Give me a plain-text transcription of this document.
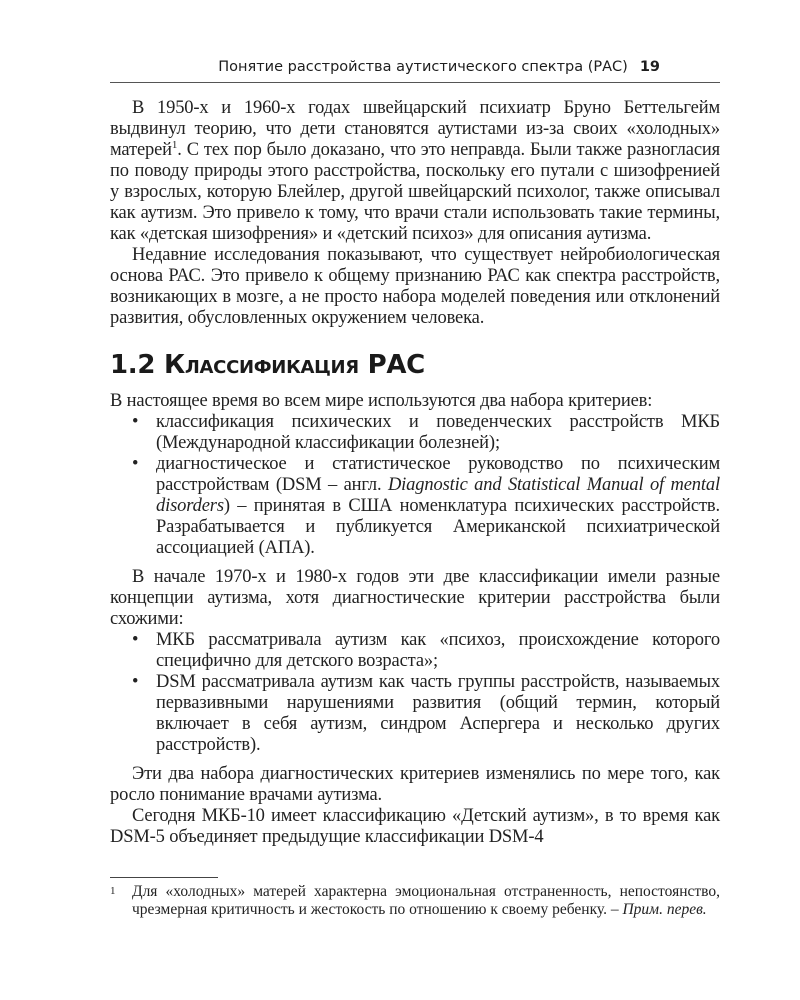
Понятие расстройства аутистического спектра (РАС) 19

В 1950-х и 1960-х годах швейцарский психиатр Бруно Беттельгейм выдвинул теорию, что дети становятся аутистами из-за своих «холодных» матерей$^1$. С тех пор было доказано, что это неправда. Были также разногласия по поводу природы этого расстройства, поскольку его путали с шизофренией у взрослых, которую Блейлер, другой швейцарский психолог, также описывал как аутизм. Это привело к тому, что врачи стали использовать такие термины, как «детская шизофрения» и «детский психоз» для описания аутизма.

Недавние исследования показывают, что существует нейробиологическая основа РАС. Это привело к общему признанию РАС как спектра расстройств, возникающих в мозге, а не просто набора моделей поведения или отклонений развития, обусловленных окружением человека.

1.2 Классификация РАС

В настоящее время во всем мире используются два набора критериев:

• классификация психических и поведенческих расстройств МКБ (Международной классификации болезней);
• диагностическое и статистическое руководство по психическим расстройствам (DSM – англ. Diagnostic and Statistical Manual of mental disorders) – принятая в США номенклатура психических расстройств. Разрабатывается и публикуется Американской психиатрической ассоциацией (АПА).

В начале 1970-х и 1980-х годов эти две классификации имели разные концепции аутизма, хотя диагностические критерии расстройства были схожими:

• МКБ рассматривала аутизм как «психоз, происхождение которого специфично для детского возраста»;
• DSM рассматривала аутизм как часть группы расстройств, называемых первазивными нарушениями развития (общий термин, который включает в себя аутизм, синдром Аспергера и несколько других расстройств).

Эти два набора диагностических критериев изменялись по мере того, как росло понимание врачами аутизма.

Сегодня МКБ-10 имеет классификацию «Детский аутизм», в то время как DSM-5 объединяет предыдущие классификации DSM-4

1 Для «холодных» матерей характерна эмоциональная отстраненность, непостоянство, чрезмерная критичность и жестокость по отношению к своему ребенку. – Прим. перев.
